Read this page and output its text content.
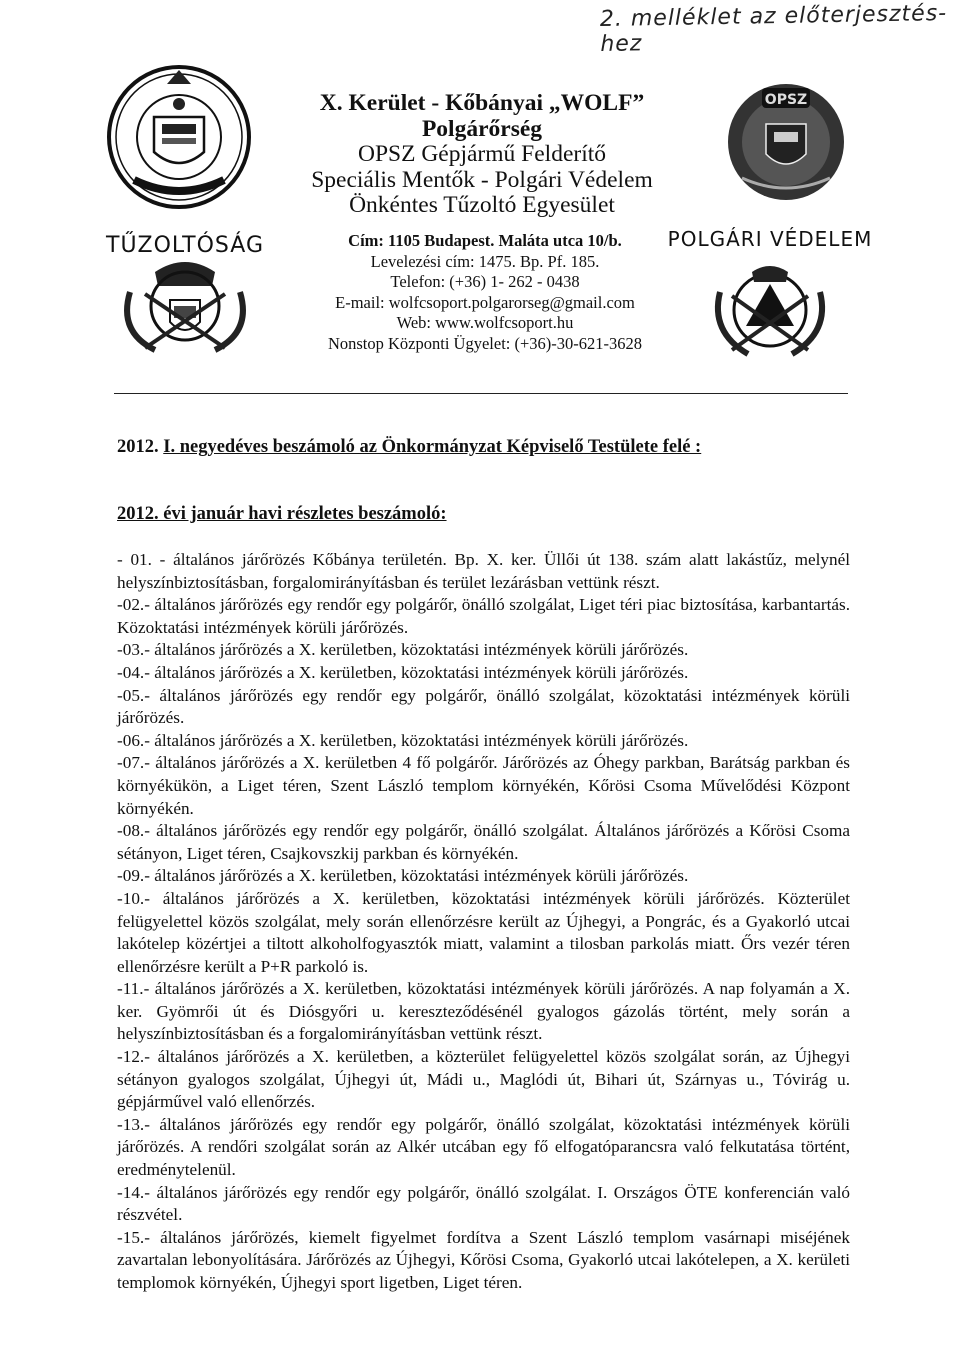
2. melléklet az előterjesztés-hez
OPSZ
TŰZOLTÓSÁG	POLGÁRI VÉDELEM
X. Kerület - Kőbányai „WOLF” Polgárőrség
OPSZ Gépjármű Felderítő
Speciális Mentők - Polgári Védelem
Önkéntes Tűzoltó Egyesület
Cím: 1105 Budapest. Maláta utca 10/b.
Levelezési cím: 1475. Bp. Pf. 185.
Telefon: (+36) 1- 262 - 0438
E-mail: wolfcsoport.polgarorseg@gmail.com
Web: www.wolfcsoport.hu
Nonstop Központi Ügyelet: (+36)-30-621-3628
2012. I. negyedéves beszámoló az Önkormányzat Képviselő Testülete felé :
2012. évi január havi részletes beszámoló:

- 01. - általános járőrözés Kőbánya területén. Bp. X. ker. Üllői út 138. szám alatt lakástűz, melynél helyszínbiztosításban, forgalomirányításban és terület lezárásban vettünk részt.

-02.- általános járőrözés egy rendőr egy polgárőr, önálló szolgálat, Liget téri piac biztosítása, karbantartás. Közoktatási intézmények körüli járőrözés.

-03.- általános járőrözés a X. kerületben, közoktatási intézmények körüli járőrözés.

-04.- általános járőrözés a X. kerületben, közoktatási intézmények körüli járőrözés.

-05.- általános járőrözés egy rendőr egy polgárőr, önálló szolgálat, közoktatási intézmények körüli járőrözés.

-06.- általános járőrözés a X. kerületben, közoktatási intézmények körüli járőrözés.

-07.- általános járőrözés a X. kerületben 4 fő polgárőr. Járőrözés az Óhegy parkban, Barátság parkban és környékükön, a Liget téren, Szent László templom környékén, Kőrösi Csoma Művelődési Központ környékén.

-08.- általános járőrözés egy rendőr egy polgárőr, önálló szolgálat. Általános járőrözés a Kőrösi Csoma sétányon, Liget téren, Csajkovszkij parkban és környékén.

-09.- általános járőrözés a X. kerületben, közoktatási intézmények körüli járőrözés.

-10.- általános járőrözés a X. kerületben, közoktatási intézmények körüli járőrözés. Közterület felügyelettel közös szolgálat, mely során ellenőrzésre került az Újhegyi, a Pongrác, és a Gyakorló utcai lakótelep közértjei a tiltott alkoholfogyasztók miatt, valamint a tilosban parkolás miatt. Őrs vezér téren ellenőrzésre került a P+R parkoló is.

-11.- általános járőrözés a X. kerületben, közoktatási intézmények körüli járőrözés. A nap folyamán a X. ker. Gyömrői út és Diósgyőri u. kereszteződésénél gyalogos gázolás történt, mely során a helyszínbiztosításban és a forgalomirányításban vettünk részt.

-12.- általános járőrözés a X. kerületben, a közterület felügyelettel közös szolgálat során, az Újhegyi sétányon gyalogos szolgálat, Újhegyi út, Mádi u., Maglódi út, Bihari út, Szárnyas u., Tóvirág u. gépjárművel való ellenőrzés.

-13.- általános járőrözés egy rendőr egy polgárőr, önálló szolgálat, közoktatási intézmények körüli járőrözés. A rendőri szolgálat során az Alkér utcában egy fő elfogatóparancsra való felkutatása történt, eredménytelenül.

-14.- általános járőrözés egy rendőr egy polgárőr, önálló szolgálat. I. Országos ÖTE konferencián való részvétel.

-15.- általános járőrözés, kiemelt figyelmet fordítva a Szent László templom vasárnapi miséjének zavartalan lebonyolítására. Járőrözés az Újhegyi, Kőrösi Csoma, Gyakorló utcai lakótelepen, a X. kerületi templomok környékén, Újhegyi sport ligetben, Liget téren.
